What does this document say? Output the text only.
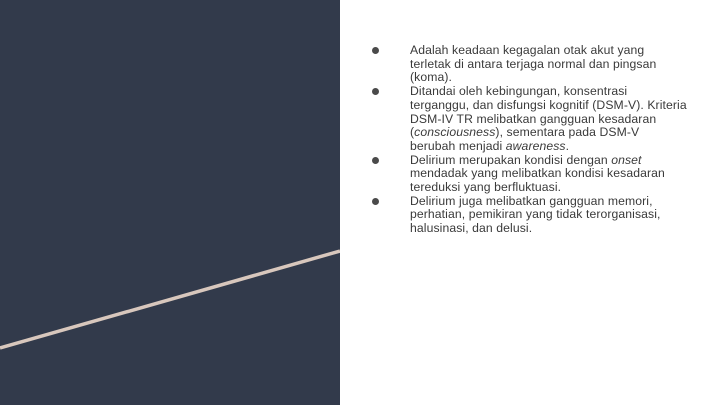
Adalah keadaan kegagalan otak akut yang terletak di antara terjaga normal dan pingsan (koma).
Ditandai oleh kebingungan, konsentrasi terganggu, dan disfungsi kognitif (DSM-V). Kriteria DSM-IV TR melibatkan gangguan kesadaran (consciousness), sementara pada DSM-V berubah menjadi awareness.
Delirium merupakan kondisi dengan onset mendadak yang melibatkan kondisi kesadaran tereduksi yang berfluktuasi.
Delirium juga melibatkan gangguan memori, perhatian, pemikiran yang tidak terorganisasi, halusinasi, dan delusi.
